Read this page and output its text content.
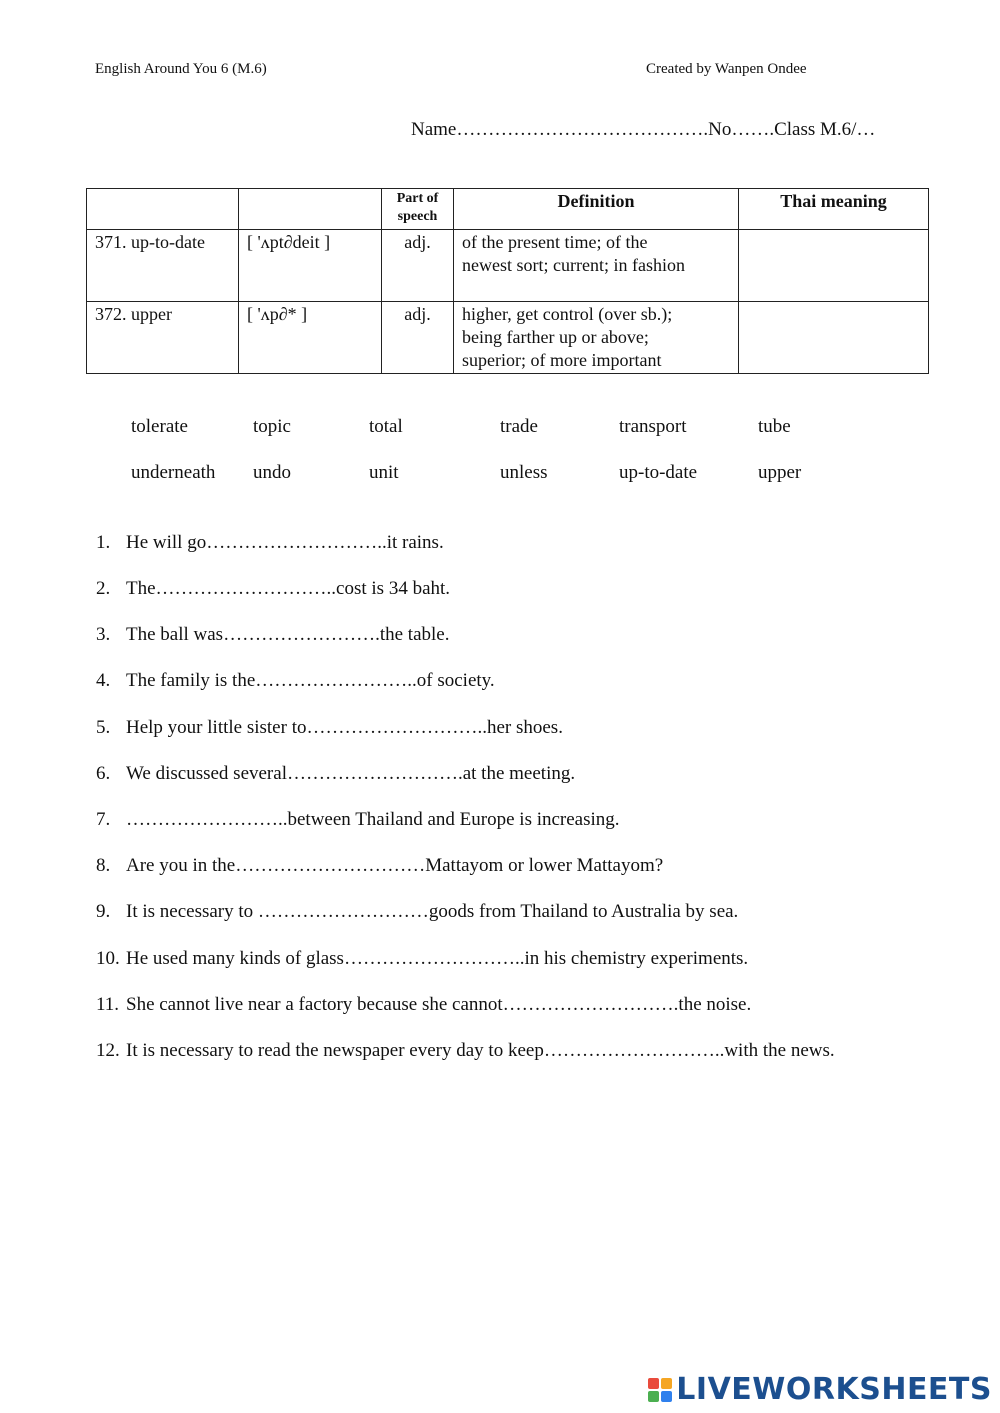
English Around You 6 (M.6)	Created by Wanpen Ondee
Name………………………………….No…….Class M.6/…
		Part of speech	Definition	Thai meaning
371. up-to-date	[ 'ʌpt∂deit ]	adj.	of the present time; of the
newest sort; current; in fashion	

372. upper	[ 'ʌp∂* ]	adj.	higher, get control (over sb.);
being farther up or above;
superior; of more important	

tolerate	topic	total	trade	transport	tube
underneath undo	unit	unless	up-to-date	upper
1. He will go………………………..it rains.
2. The………………………..cost is 34 baht.
3. The ball was…………………….the table.
4. The family is the……………………..of society.
5. Help your little sister to………………………..her shoes.
6. We discussed several……………………….at the meeting.
7. ……………………..between Thailand and Europe is increasing.
8. Are you in the…………………………Mattayom or lower Mattayom?
9. It is necessary to ………………………goods from Thailand to Australia by sea.
10. He used many kinds of glass………………………..in his chemistry experiments.
11. She cannot live near a factory because she cannot……………………….the noise.
12. It is necessary to read the newspaper every day to keep………………………..with the news.
LIVEWORKSHEETS
